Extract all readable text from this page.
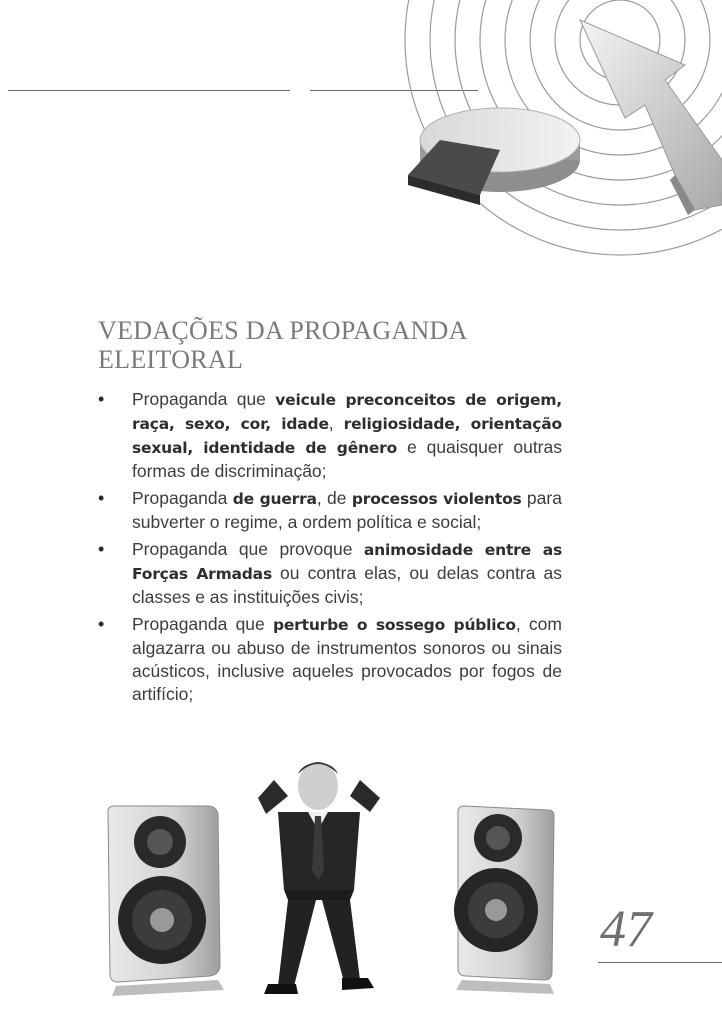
VEDAÇÕES DA PROPAGANDA
ELEITORAL
• Propaganda que veicule preconceitos de origem, raça, sexo, cor, idade, religiosidade, orientação sexual, identidade de gênero e quaisquer outras formas de discriminação;
• Propaganda de guerra, de processos violentos para subverter o regime, a ordem política e social;
• Propaganda que provoque animosidade entre as Forças Armadas ou contra elas, ou delas contra as classes e as instituições civis;
• Propaganda que perturbe o sossego público, com algazarra ou abuso de instrumentos sonoros ou sinais acústicos, inclusive aqueles provocados por fogos de artifício;
47
